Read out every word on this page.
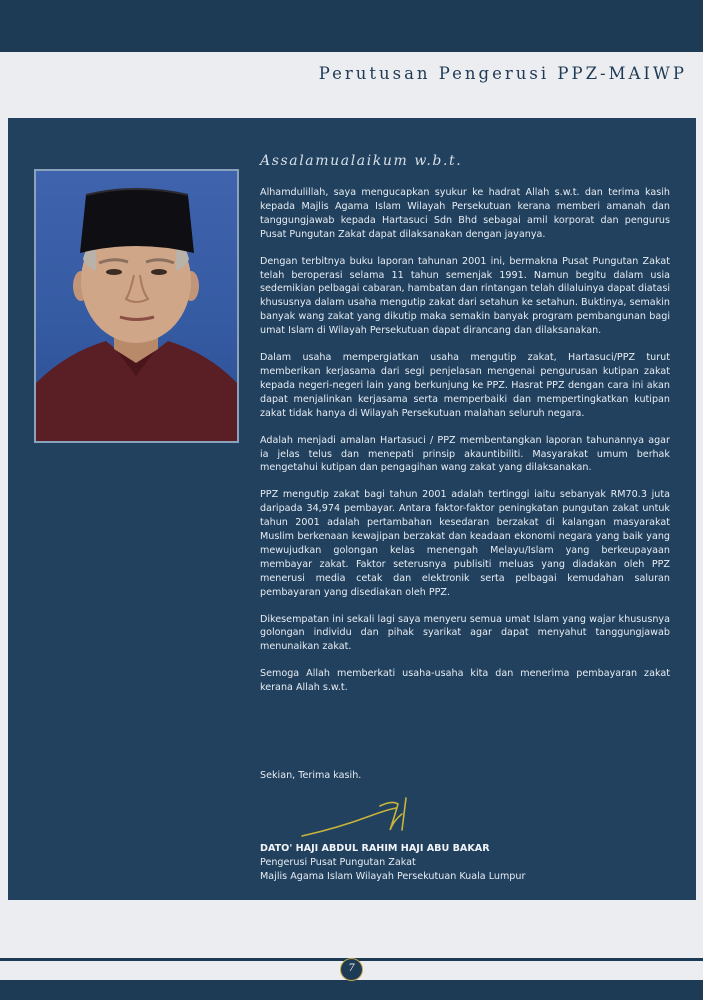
Perutusan Pengerusi PPZ-MAIWP
Assalamualaikum w.b.t.

Alhamdulillah, saya mengucapkan syukur ke hadrat Allah s.w.t. dan terima kasih kepada Majlis Agama Islam Wilayah Persekutuan kerana memberi amanah dan tanggungjawab kepada Hartasuci Sdn Bhd sebagai amil korporat dan pengurus Pusat Pungutan Zakat dapat dilaksanakan dengan jayanya.

Dengan terbitnya buku laporan tahunan 2001 ini, bermakna Pusat Pungutan Zakat telah beroperasi selama 11 tahun semenjak 1991. Namun begitu dalam usia sedemikian pelbagai cabaran, hambatan dan rintangan telah dilaluinya dapat diatasi khususnya dalam usaha mengutip zakat dari setahun ke setahun. Buktinya, semakin banyak wang zakat yang dikutip maka semakin banyak program pembangunan bagi umat Islam di Wilayah Persekutuan dapat dirancang dan dilaksanakan.

Dalam usaha mempergiatkan usaha mengutip zakat, Hartasuci/PPZ turut memberikan kerjasama dari segi penjelasan mengenai pengurusan kutipan zakat kepada negeri-negeri lain yang berkunjung ke PPZ. Hasrat PPZ dengan cara ini akan dapat menjalinkan kerjasama serta memperbaiki dan mempertingkatkan kutipan zakat tidak hanya di Wilayah Persekutuan malahan seluruh negara.

Adalah menjadi amalan Hartasuci / PPZ membentangkan laporan tahunannya agar ia jelas telus dan menepati prinsip akauntibiliti. Masyarakat umum berhak mengetahui kutipan dan pengagihan wang zakat yang dilaksanakan.

PPZ mengutip zakat bagi tahun 2001 adalah tertinggi iaitu sebanyak RM70.3 juta daripada 34,974 pembayar. Antara faktor-faktor peningkatan pungutan zakat untuk tahun 2001 adalah pertambahan kesedaran berzakat di kalangan masyarakat Muslim berkenaan kewajipan berzakat dan keadaan ekonomi negara yang baik yang mewujudkan golongan kelas menengah Melayu/Islam yang berkeupayaan membayar zakat. Faktor seterusnya publisiti meluas yang diadakan oleh PPZ menerusi media cetak dan elektronik serta pelbagai kemudahan saluran pembayaran yang disediakan oleh PPZ.

Dikesempatan ini sekali lagi saya menyeru semua umat Islam yang wajar khususnya golongan individu dan pihak syarikat agar dapat menyahut tanggungjawab menunaikan zakat.

Semoga Allah memberkati usaha-usaha kita dan menerima pembayaran zakat kerana Allah s.w.t.

Sekian, Terima kasih.
DATO' HAJI ABDUL RAHIM HAJI ABU BAKAR
Pengerusi Pusat Pungutan Zakat
Majlis Agama Islam Wilayah Persekutuan Kuala Lumpur
7
